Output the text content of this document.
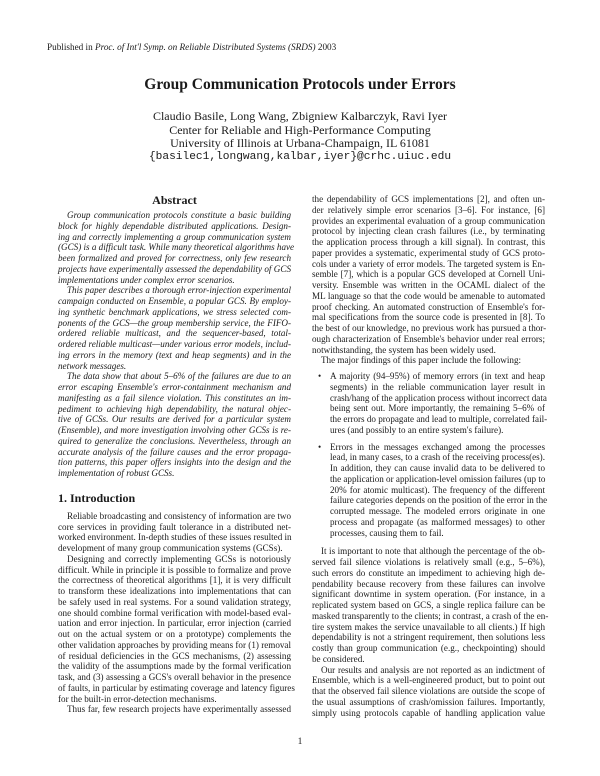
Published in Proc. of Int'l Symp. on Reliable Distributed Systems (SRDS) 2003
Group Communication Protocols under Errors
Claudio Basile, Long Wang, Zbigniew Kalbarczyk, Ravi Iyer
Center for Reliable and High-Performance Computing
University of Illinois at Urbana-Champaign, IL 61081
{basilec1,longwang,kalbar,iyer}@crhc.uiuc.edu
Abstract
Group communication protocols constitute a basic building
block for highly dependable distributed applications. Design-
ing and correctly implementing a group communication system
(GCS) is a difficult task. While many theoretical algorithms have
been formalized and proved for correctness, only few research
projects have experimentally assessed the dependability of GCS
implementations under complex error scenarios.
This paper describes a thorough error-injection experimental
campaign conducted on Ensemble, a popular GCS. By employ-
ing synthetic benchmark applications, we stress selected com-
ponents of the GCS—the group membership service, the FIFO-
ordered reliable multicast, and the sequencer-based, total-
ordered reliable multicast—under various error models, includ-
ing errors in the memory (text and heap segments) and in the
network messages.
The data show that about 5–6% of the failures are due to an
error escaping Ensemble's error-containment mechanism and
manifesting as a fail silence violation. This constitutes an im-
pediment to achieving high dependability, the natural objec-
tive of GCSs. Our results are derived for a particular system
(Ensemble), and more investigation involving other GCSs is re-
quired to generalize the conclusions. Nevertheless, through an
accurate analysis of the failure causes and the error propaga-
tion patterns, this paper offers insights into the design and the
implementation of robust GCSs.
1. Introduction
Reliable broadcasting and consistency of information are two
core services in providing fault tolerance in a distributed net-
worked environment. In-depth studies of these issues resulted in
development of many group communication systems (GCSs).
Designing and correctly implementing GCSs is notoriously
difficult. While in principle it is possible to formalize and prove
the correctness of theoretical algorithms [1], it is very difficult
to transform these idealizations into implementations that can
be safely used in real systems. For a sound validation strategy,
one should combine formal verification with model-based eval-
uation and error injection. In particular, error injection (carried
out on the actual system or on a prototype) complements the
other validation approaches by providing means for (1) removal
of residual deficiencies in the GCS mechanisms, (2) assessing
the validity of the assumptions made by the formal verification
task, and (3) assessing a GCS's overall behavior in the presence
of faults, in particular by estimating coverage and latency figures
for the built-in error-detection mechanisms.
Thus far, few research projects have experimentally assessed
the dependability of GCS implementations [2], and often un-
der relatively simple error scenarios [3–6]. For instance, [6]
provides an experimental evaluation of a group communication
protocol by injecting clean crash failures (i.e., by terminating
the application process through a kill signal). In contrast, this
paper provides a systematic, experimental study of GCS proto-
cols under a variety of error models. The targeted system is En-
semble [7], which is a popular GCS developed at Cornell Uni-
versity. Ensemble was written in the OCAML dialect of the
ML language so that the code would be amenable to automated
proof checking. An automated construction of Ensemble's for-
mal specifications from the source code is presented in [8]. To
the best of our knowledge, no previous work has pursued a thor-
ough characterization of Ensemble's behavior under real errors;
notwithstanding, the system has been widely used.
The major findings of this paper include the following:
• A majority (94–95%) of memory errors (in text and heap
segments) in the reliable communication layer result in
crash/hang of the application process without incorrect data
being sent out. More importantly, the remaining 5–6% of
the errors do propagate and lead to multiple, correlated fail-
ures (and possibly to an entire system's failure).
• Errors in the messages exchanged among the processes
lead, in many cases, to a crash of the receiving process(es).
In addition, they can cause invalid data to be delivered to
the application or application-level omission failures (up to
20% for atomic multicast). The frequency of the different
failure categories depends on the position of the error in the
corrupted message. The modeled errors originate in one
process and propagate (as malformed messages) to other
processes, causing them to fail.
It is important to note that although the percentage of the ob-
served fail silence violations is relatively small (e.g., 5–6%),
such errors do constitute an impediment to achieving high de-
pendability because recovery from these failures can involve
significant downtime in system operation. (For instance, in a
replicated system based on GCS, a single replica failure can be
masked transparently to the clients; in contrast, a crash of the en-
tire system makes the service unavailable to all clients.) If high
dependability is not a stringent requirement, then solutions less
costly than group communication (e.g., checkpointing) should
be considered.
Our results and analysis are not reported as an indictment of
Ensemble, which is a well-engineered product, but to point out
that the observed fail silence violations are outside the scope of
the usual assumptions of crash/omission failures. Importantly,
simply using protocols capable of handling application value
1
